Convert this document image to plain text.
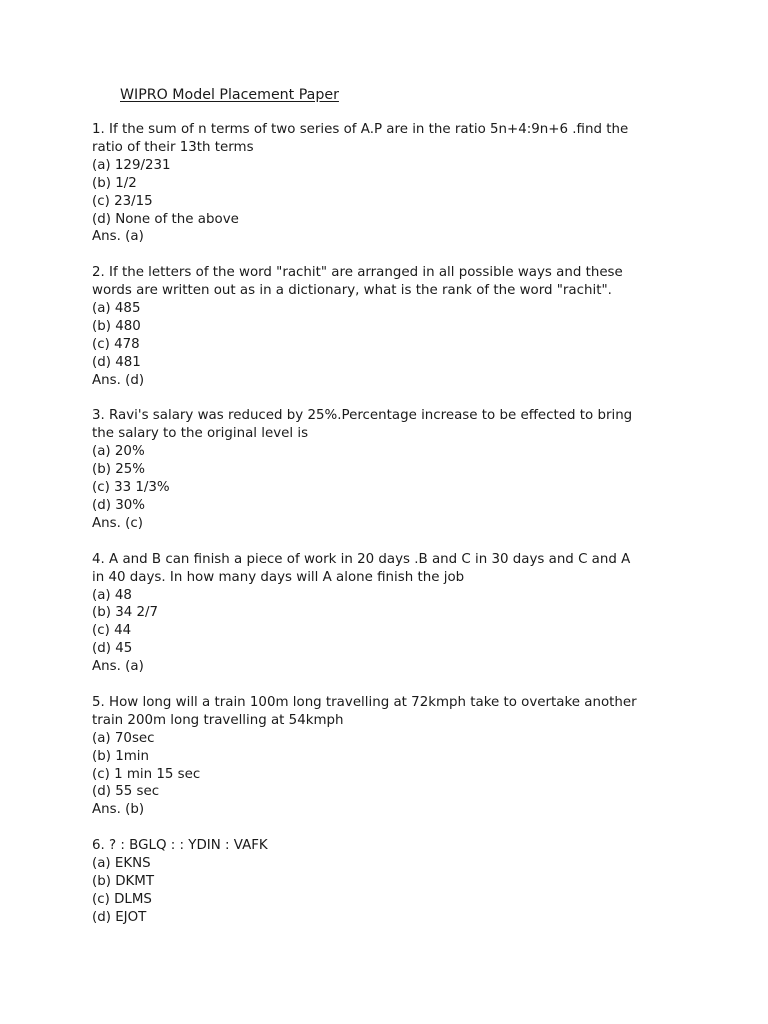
WIPRO Model Placement Paper
1. If the sum of n terms of two series of A.P are in the ratio 5n+4:9n+6 .find the
ratio of their 13th terms
(a) 129/231
(b) 1/2
(c) 23/15
(d) None of the above
Ans. (a)
2. If the letters of the word "rachit" are arranged in all possible ways and these
words are written out as in a dictionary, what is the rank of the word "rachit".
(a) 485
(b) 480
(c) 478
(d) 481
Ans. (d)
3. Ravi's salary was reduced by 25%.Percentage increase to be effected to bring
the salary to the original level is
(a) 20%
(b) 25%
(c) 33 1/3%
(d) 30%
Ans. (c)
4. A and B can finish a piece of work in 20 days .B and C in 30 days and C and A
in 40 days. In how many days will A alone finish the job
(a) 48
(b) 34 2/7
(c) 44
(d) 45
Ans. (a)
5. How long will a train 100m long travelling at 72kmph take to overtake another
train 200m long travelling at 54kmph
(a) 70sec
(b) 1min
(c) 1 min 15 sec
(d) 55 sec
Ans. (b)
6. ? : BGLQ : : YDIN : VAFK
(a) EKNS
(b) DKMT
(c) DLMS
(d) EJOT
